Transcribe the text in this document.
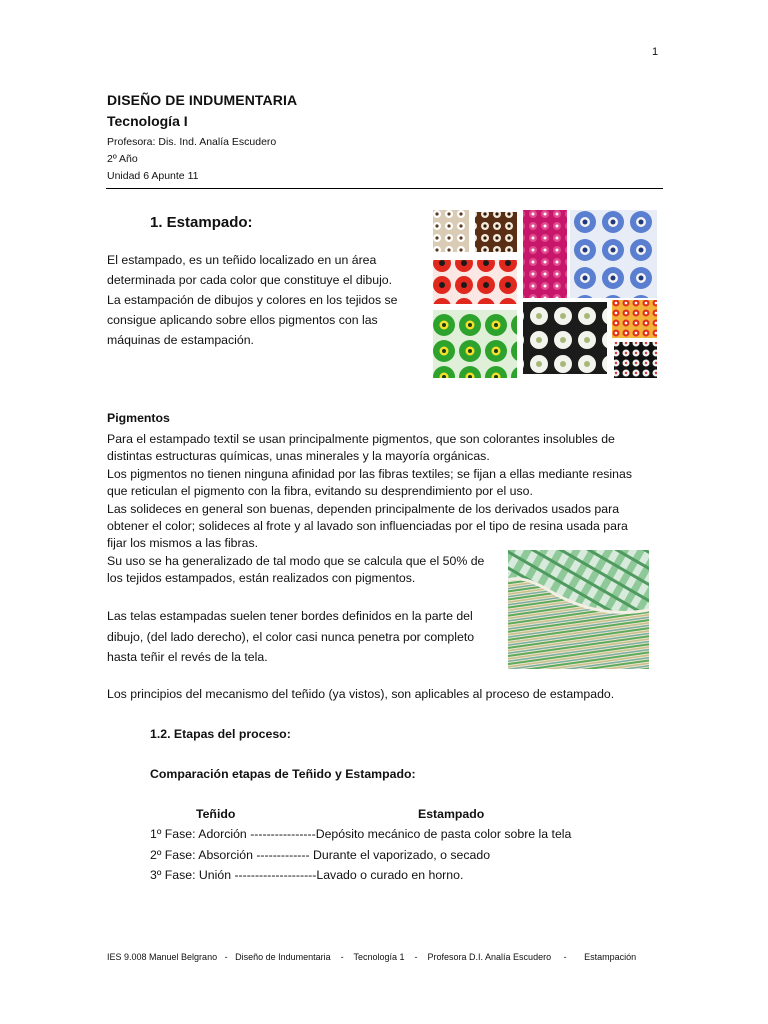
1
DISEÑO DE INDUMENTARIA
Tecnología I
Profesora: Dis. Ind. Analía Escudero
2º Año
Unidad 6 Apunte 11
1. Estampado:
El estampado, es un teñido localizado en un área
determinada por cada color que constituye el dibujo.
La estampación de dibujos y colores en los tejidos se
consigue aplicando sobre ellos pigmentos con las
máquinas de estampación.
Pigmentos
Para el estampado textil se usan principalmente pigmentos, que son colorantes insolubles de
distintas estructuras químicas, unas minerales y la mayoría orgánicas.
Los pigmentos no tienen ninguna afinidad por las fibras textiles; se fijan a ellas mediante resinas
que reticulan el pigmento con la fibra, evitando su desprendimiento por el uso.
Las solideces en general son buenas, dependen principalmente de los derivados usados para
obtener el color; solideces al frote y al lavado son influenciadas por el tipo de resina usada para
fijar los mismos a las fibras.
Su uso se ha generalizado de tal modo que se calcula que el 50% de
los tejidos estampados, están realizados con pigmentos.
Las telas estampadas suelen tener bordes definidos en la parte del
dibujo, (del lado derecho), el color casi nunca penetra por completo
hasta teñir el revés de la tela.
Los principios del mecanismo del teñido (ya vistos), son aplicables al proceso de estampado.
1.2. Etapas del proceso:
Comparación etapas de Teñido y Estampado:
Teñido	Estampado
1º Fase: Adorción ----------------Depósito mecánico de pasta color sobre la tela
2º Fase: Absorción ------------- Durante el vaporizado, o secado
3º Fase: Unión --------------------Lavado o curado en horno.
IES 9.008 Manuel Belgrano   -   Diseño de Indumentaria    -    Tecnología 1    -    Profesora D.I. Analía Escudero     -       Estampación
